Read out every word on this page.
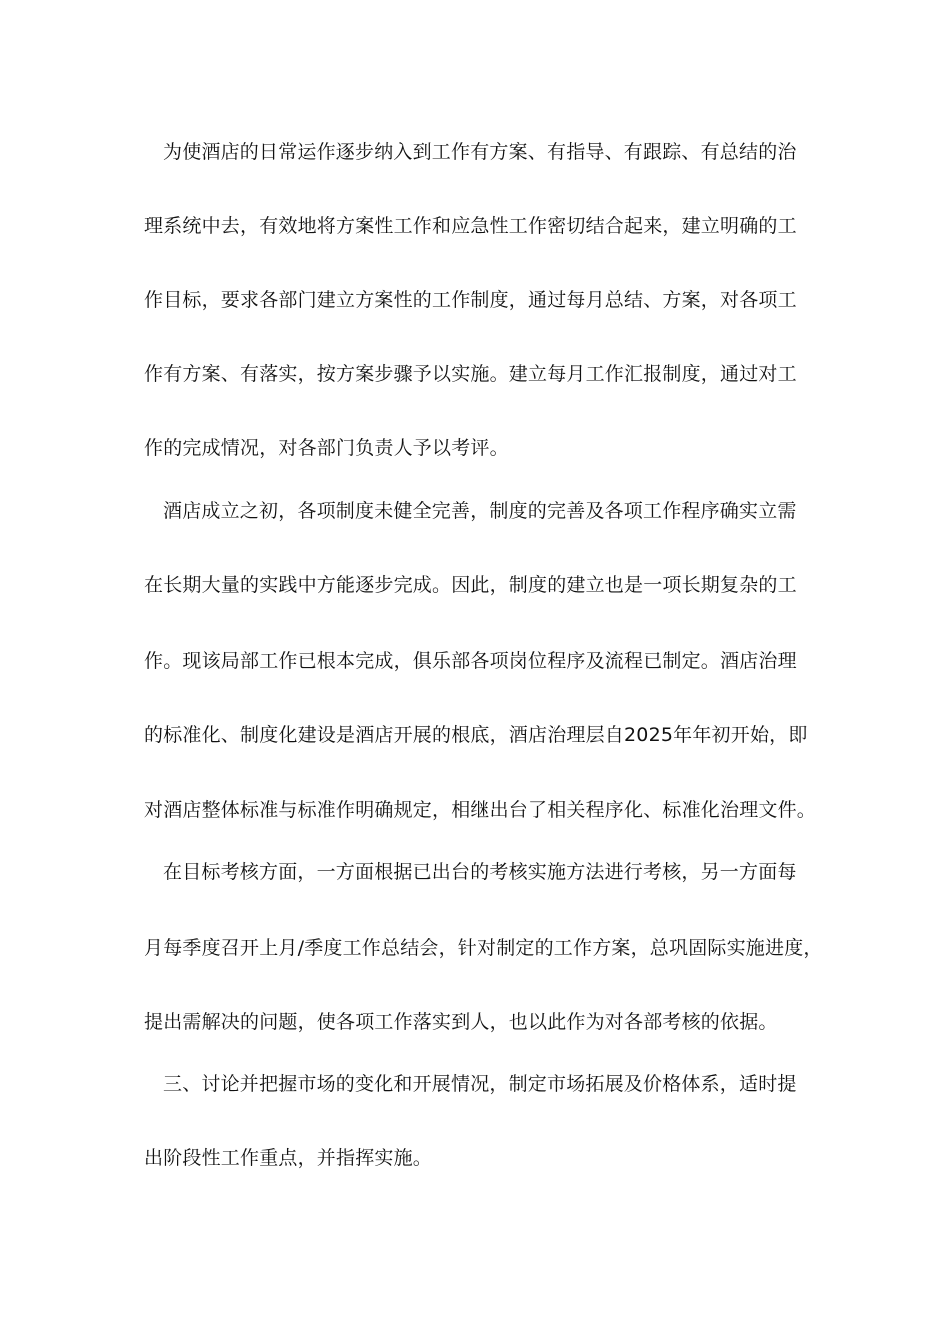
为使酒店的日常运作逐步纳入到工作有方案、有指导、有跟踪、有总结的治
理系统中去，有效地将方案性工作和应急性工作密切结合起来，建立明确的工
作目标，要求各部门建立方案性的工作制度，通过每月总结、方案，对各项工
作有方案、有落实，按方案步骤予以实施。建立每月工作汇报制度，通过对工
作的完成情况，对各部门负责人予以考评。
酒店成立之初，各项制度未健全完善，制度的完善及各项工作程序确实立需
在长期大量的实践中方能逐步完成。因此，制度的建立也是一项长期复杂的工
作。现该局部工作已根本完成，俱乐部各项岗位程序及流程已制定。酒店治理
的标准化、制度化建设是酒店开展的根底，酒店治理层自2025年年初开始，即
对酒店整体标准与标准作明确规定，相继出台了相关程序化、标准化治理文件。
在目标考核方面，一方面根据已出台的考核实施方法进行考核，另一方面每
月每季度召开上月/季度工作总结会，针对制定的工作方案，总巩固际实施进度，
提出需解决的问题，使各项工作落实到人，也以此作为对各部考核的依据。
三、讨论并把握市场的变化和开展情况，制定市场拓展及价格体系，适时提
出阶段性工作重点，并指挥实施。
